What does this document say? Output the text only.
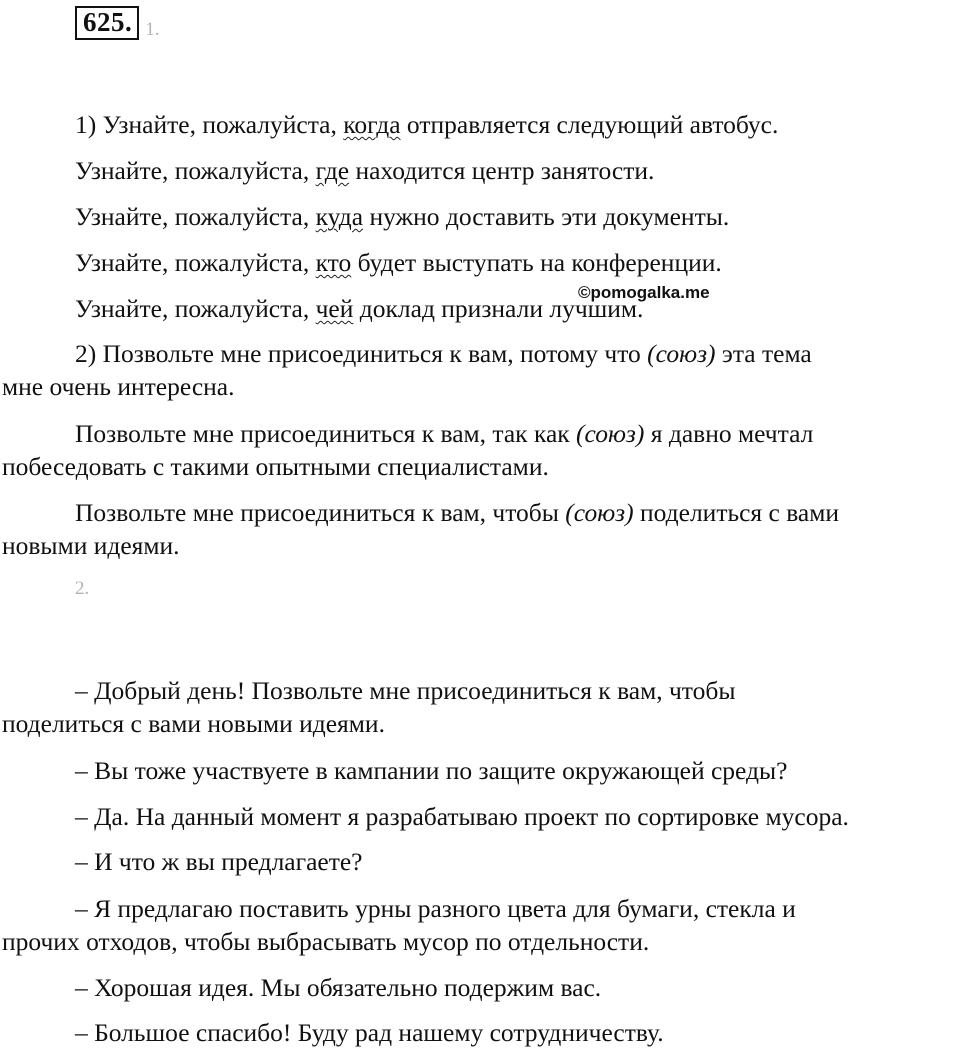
625. 1.
1) Узнайте, пожалуйста, когда отправляется следующий автобус.
Узнайте, пожалуйста, где находится центр занятости.
Узнайте, пожалуйста, куда нужно доставить эти документы.
Узнайте, пожалуйста, кто будет выступать на конференции.
Узнайте, пожалуйста, чей доклад признали лучшим.
©pomogalka.me
2) Позвольте мне присоединиться к вам, потому что (союз) эта тема
мне очень интересна.
Позвольте мне присоединиться к вам, так как (союз) я давно мечтал
побеседовать с такими опытными специалистами.
Позвольте мне присоединиться к вам, чтобы (союз) поделиться с вами
новыми идеями.
2.
– Добрый день! Позвольте мне присоединиться к вам, чтобы
поделиться с вами новыми идеями.
– Вы тоже участвуете в кампании по защите окружающей среды?
– Да. На данный момент я разрабатываю проект по сортировке мусора.
– И что ж вы предлагаете?
– Я предлагаю поставить урны разного цвета для бумаги, стекла и
прочих отходов, чтобы выбрасывать мусор по отдельности.
– Хорошая идея. Мы обязательно подержим вас.
– Большое спасибо! Буду рад нашему сотрудничеству.
